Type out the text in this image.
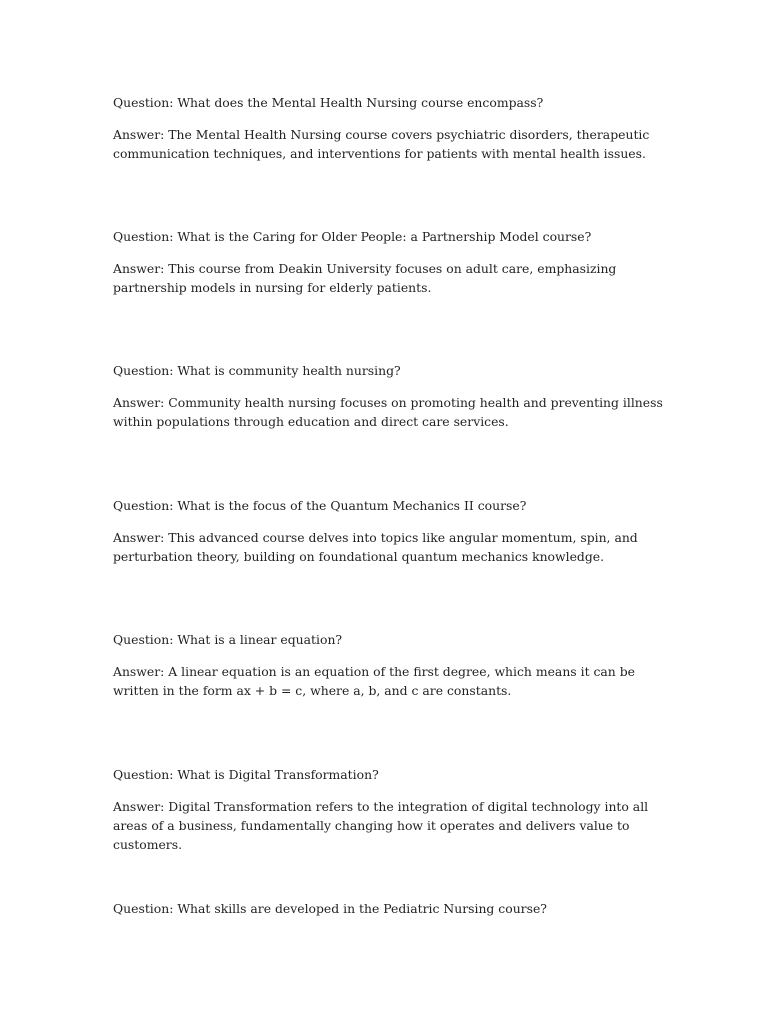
Question: What does the Mental Health Nursing course encompass?

Answer: The Mental Health Nursing course covers psychiatric disorders, therapeutic communication techniques, and interventions for patients with mental health issues.

Question: What is the Caring for Older People: a Partnership Model course?

Answer: This course from Deakin University focuses on adult care, emphasizing partnership models in nursing for elderly patients.

Question: What is community health nursing?

Answer: Community health nursing focuses on promoting health and preventing illness within populations through education and direct care services.

Question: What is the focus of the Quantum Mechanics II course?

Answer: This advanced course delves into topics like angular momentum, spin, and perturbation theory, building on foundational quantum mechanics knowledge.

Question: What is a linear equation?

Answer: A linear equation is an equation of the first degree, which means it can be written in the form ax + b = c, where a, b, and c are constants.

Question: What is Digital Transformation?

Answer: Digital Transformation refers to the integration of digital technology into all areas of a business, fundamentally changing how it operates and delivers value to customers.

Question: What skills are developed in the Pediatric Nursing course?
